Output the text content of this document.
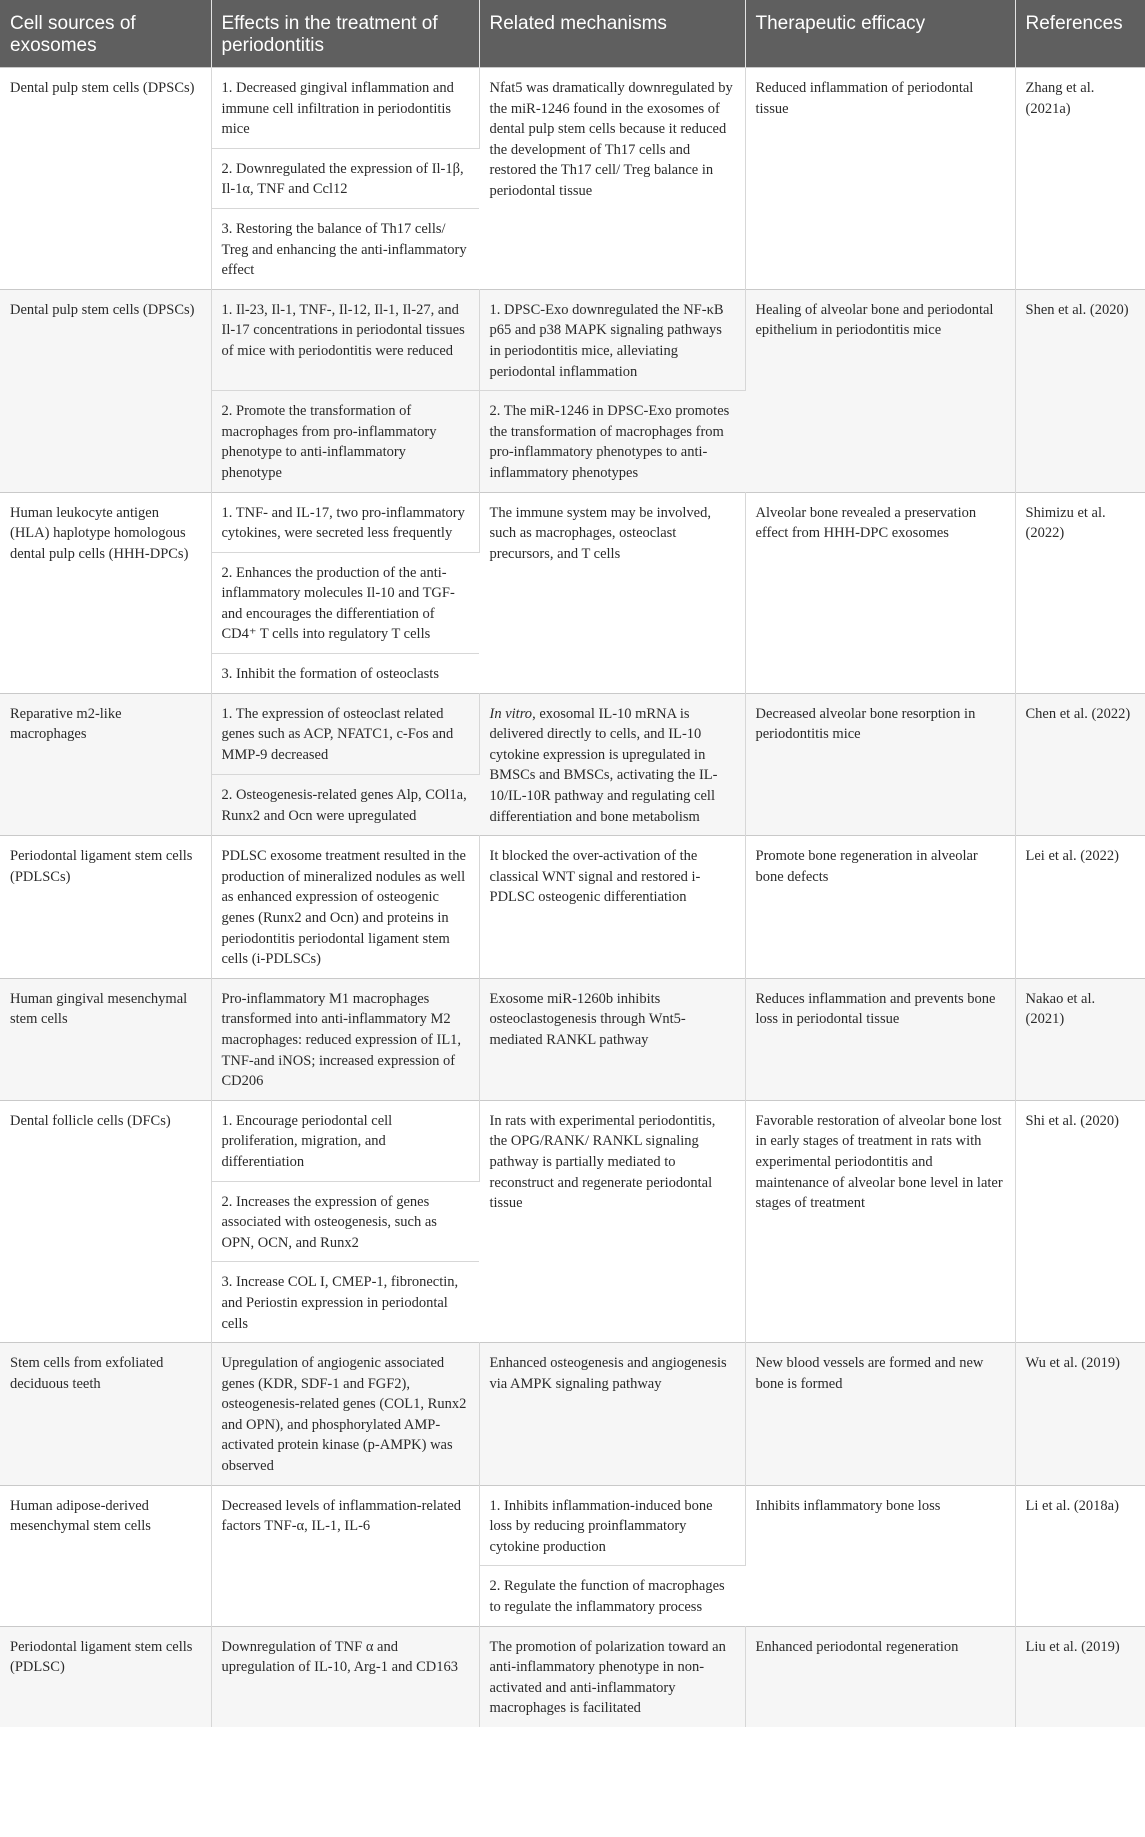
Cell sources of exosomes	Effects in the treatment of periodontitis	Related mechanisms	Therapeutic efficacy	References
Dental pulp stem cells (DPSCs)	1. Decreased gingival inflammation and immune cell infiltration in periodontitis mice	Nfat5 was dramatically downregulated by the miR-1246 found in the exosomes of dental pulp stem cells because it reduced the development of Th17 cells and restored the Th17 cell/ Treg balance in periodontal tissue	Reduced inflammation of periodontal tissue	Zhang et al. (2021a)
	2. Downregulated the expression of Il-1β, Il-1α, TNF and Ccl12			
	3. Restoring the balance of Th17 cells/ Treg and enhancing the anti-inflammatory effect			
Dental pulp stem cells (DPSCs)	1. Il-23, Il-1, TNF-, Il-12, Il-1, Il-27, and Il-17 concentrations in periodontal tissues of mice with periodontitis were reduced	1. DPSC-Exo downregulated the NF-κB p65 and p38 MAPK signaling pathways in periodontitis mice, alleviating periodontal inflammation	Healing of alveolar bone and periodontal epithelium in periodontitis mice	Shen et al. (2020)
	2. Promote the transformation of macrophages from pro-inflammatory phenotype to anti-inflammatory phenotype	2. The miR-1246 in DPSC-Exo promotes the transformation of macrophages from pro-inflammatory phenotypes to anti-inflammatory phenotypes		
Human leukocyte antigen (HLA) haplotype homologous dental pulp cells (HHH-DPCs)	1. TNF- and IL-17, two pro-inflammatory cytokines, were secreted less frequently	The immune system may be involved, such as macrophages, osteoclast precursors, and T cells	Alveolar bone revealed a preservation effect from HHH-DPC exosomes	Shimizu et al. (2022)
	2. Enhances the production of the anti-inflammatory molecules Il-10 and TGF- and encourages the differentiation of CD4⁺ T cells into regulatory T cells			
	3. Inhibit the formation of osteoclasts			
Reparative m2-like macrophages	1. The expression of osteoclast related genes such as ACP, NFATC1, c-Fos and MMP-9 decreased	In vitro, exosomal IL-10 mRNA is delivered directly to cells, and IL-10 cytokine expression is upregulated in BMSCs and BMSCs, activating the IL-10/IL-10R pathway and regulating cell differentiation and bone metabolism	Decreased alveolar bone resorption in periodontitis mice	Chen et al. (2022)
	2. Osteogenesis-related genes Alp, COl1a, Runx2 and Ocn were upregulated			
Periodontal ligament stem cells (PDLSCs)	PDLSC exosome treatment resulted in the production of mineralized nodules as well as enhanced expression of osteogenic genes (Runx2 and Ocn) and proteins in periodontitis periodontal ligament stem cells (i-PDLSCs)	It blocked the over-activation of the classical WNT signal and restored i-PDLSC osteogenic differentiation	Promote bone regeneration in alveolar bone defects	Lei et al. (2022)
Human gingival mesenchymal stem cells	Pro-inflammatory M1 macrophages transformed into anti-inflammatory M2 macrophages: reduced expression of IL1, TNF-and iNOS; increased expression of CD206	Exosome miR-1260b inhibits osteoclastogenesis through Wnt5-mediated RANKL pathway	Reduces inflammation and prevents bone loss in periodontal tissue	Nakao et al. (2021)
Dental follicle cells (DFCs)	1. Encourage periodontal cell proliferation, migration, and differentiation	In rats with experimental periodontitis, the OPG/RANK/ RANKL signaling pathway is partially mediated to reconstruct and regenerate periodontal tissue	Favorable restoration of alveolar bone lost in early stages of treatment in rats with experimental periodontitis and maintenance of alveolar bone level in later stages of treatment	Shi et al. (2020)
	2. Increases the expression of genes associated with osteogenesis, such as OPN, OCN, and Runx2			
	3. Increase COL I, CMEP-1, fibronectin, and Periostin expression in periodontal cells			
Stem cells from exfoliated deciduous teeth	Upregulation of angiogenic associated genes (KDR, SDF-1 and FGF2), osteogenesis-related genes (COL1, Runx2 and OPN), and phosphorylated AMP-activated protein kinase (p-AMPK) was observed	Enhanced osteogenesis and angiogenesis via AMPK signaling pathway	New blood vessels are formed and new bone is formed	Wu et al. (2019)
Human adipose-derived mesenchymal stem cells	Decreased levels of inflammation-related factors TNF-α, IL-1, IL-6	1. Inhibits inflammation-induced bone loss by reducing proinflammatory cytokine production	Inhibits inflammatory bone loss	Li et al. (2018a)
		2. Regulate the function of macrophages to regulate the inflammatory process		
Periodontal ligament stem cells (PDLSC)	Downregulation of TNF α and upregulation of IL-10, Arg-1 and CD163	The promotion of polarization toward an anti-inflammatory phenotype in non-activated and anti-inflammatory macrophages is facilitated	Enhanced periodontal regeneration	Liu et al. (2019)
